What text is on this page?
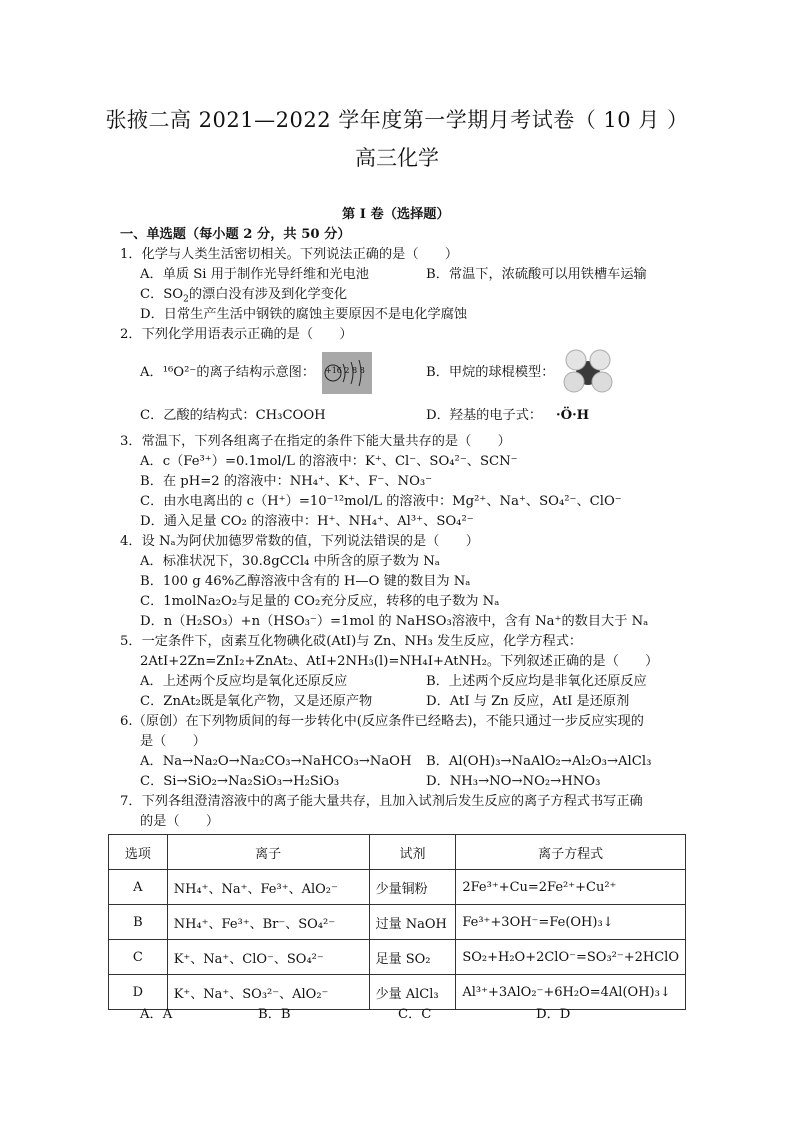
张掖二高 2021—2022 学年度第一学期月考试卷（ 10 月 ）
高三化学
第 I 卷（选择题）
一、单选题（每小题 2 分，共 50 分）
1．化学与人类生活密切相关。下列说法正确的是（　　）
A．单质 Si 用于制作光导纤维和光电池	B．常温下，浓硫酸可以用铁槽车运输
C．$SO_2$的漂白没有涉及到化学变化
D．日常生产生活中钢铁的腐蚀主要原因不是电化学腐蚀
2．下列化学用语表示正确的是（　　）
A．¹⁶O²⁻的离子结构示意图： +16 2 8 8	B．甲烷的球棍模型：
C．乙酸的结构式：CH₃COOH	D．羟基的电子式： ·Ö·H
3．常温下，下列各组离子在指定的条件下能大量共存的是（　　）
A．c（Fe³⁺）=0.1mol/L 的溶液中：K⁺、Cl⁻、SO₄²⁻、SCN⁻
B．在 pH=2 的溶液中：NH₄⁺、K⁺、F⁻、NO₃⁻
C．由水电离出的 c（H⁺）=10⁻¹²mol/L 的溶液中：Mg²⁺、Na⁺、SO₄²⁻、ClO⁻
D．通入足量 CO₂ 的溶液中：H⁺、NH₄⁺、Al³⁺、SO₄²⁻
4．设 Nₐ为阿伏加德罗常数的值，下列说法错误的是（　　）
A．标准状况下，30.8gCCl₄ 中所含的原子数为 Nₐ
B．100 g 46%乙醇溶液中含有的 H—O 键的数目为 Nₐ
C．1molNa₂O₂与足量的 CO₂充分反应，转移的电子数为 Nₐ
D．n（H₂SO₃）+n（HSO₃⁻）=1mol 的 NaHSO₃溶液中，含有 Na⁺的数目大于 Nₐ
5．一定条件下，卤素互化物碘化砹(AtI)与 Zn、NH₃ 发生反应，化学方程式：
2AtI+2Zn=ZnI₂+ZnAt₂、AtI+2NH₃(l)=NH₄I+AtNH₂。下列叙述正确的是（　　）
A．上述两个反应均是氧化还原反应	B．上述两个反应均是非氧化还原反应
C．ZnAt₂既是氧化产物，又是还原产物	D．AtI 与 Zn 反应，AtI 是还原剂
6.（原创）在下列物质间的每一步转化中(反应条件已经略去)，不能只通过一步反应实现的
是（　　）
A．Na→Na₂O→Na₂CO₃→NaHCO₃→NaOH B．Al(OH)₃→NaAlO₂→Al₂O₃→AlCl₃
C．Si→SiO₂→Na₂SiO₃→H₂SiO₃	D．NH₃→NO→NO₂→HNO₃
7．下列各组澄清溶液中的离子能大量共存，且加入试剂后发生反应的离子方程式书写正确
的是（　　）
选项	离子	试剂	离子方程式
A	NH₄⁺、Na⁺、Fe³⁺、AlO₂⁻	少量铜粉	2Fe³⁺+Cu=2Fe²⁺+Cu²⁺
B	NH₄⁺、Fe³⁺、Br⁻、SO₄²⁻	过量 NaOH	Fe³⁺+3OH⁻=Fe(OH)₃↓
C	K⁺、Na⁺、ClO⁻、SO₄²⁻	足量 SO₂	SO₂+H₂O+2ClO⁻=SO₃²⁻+2HClO
D	K⁺、Na⁺、SO₃²⁻、AlO₂⁻	少量 AlCl₃	Al³⁺+3AlO₂⁻+6H₂O=4Al(OH)₃↓
A．A	B．B	C．C	D．D
